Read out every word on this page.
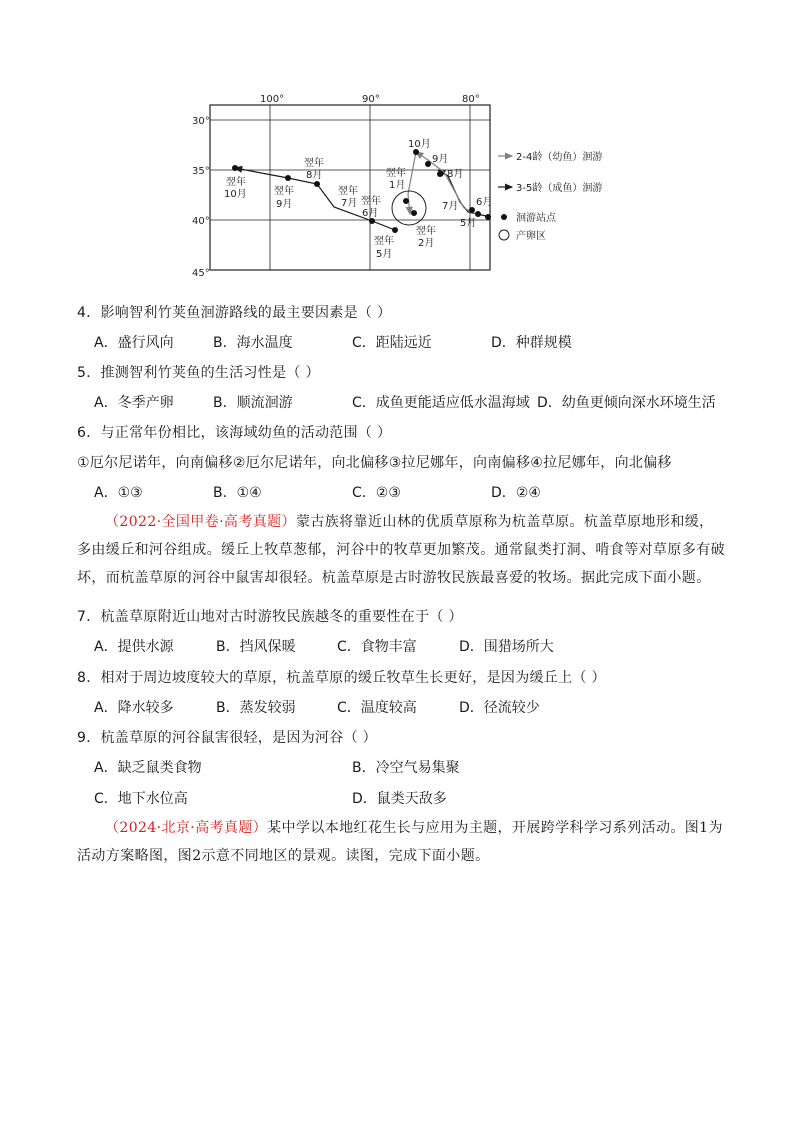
100°	90°	80°
30°
35°
40°
45°
翌年
10月	翌年
9月
翌年
8月
翌年
7月 翌年
6月
翌年
5月
翌年
2月
翌年
1月
10月
9月
8月
7月 6月
5月
2-4龄（幼鱼）洄游
3-5龄（成鱼）洄游
洄游站点
产卵区
4．影响智利竹荚鱼洄游路线的最主要因素是（ ）
A．盛行风向	B．海水温度	C．距陆远近	D．种群规模
5．推测智利竹荚鱼的生活习性是（ ）
A．冬季产卵	B．顺流洄游	C．成鱼更能适应低水温海域 D．幼鱼更倾向深水环境生活
6．与正常年份相比，该海域幼鱼的活动范围（ ）
①厄尔尼诺年，向南偏移②厄尔尼诺年，向北偏移③拉尼娜年，向南偏移④拉尼娜年，向北偏移
A．①③	B．①④	C．②③	D．②④
（2022·全国甲卷·高考真题）蒙古族将靠近山林的优质草原称为杭盖草原。杭盖草原地形和缓，多由缓丘和河谷组成。缓丘上牧草葱郁，河谷中的牧草更加繁茂。通常鼠类打洞、啃食等对草原多有破坏，而杭盖草原的河谷中鼠害却很轻。杭盖草原是古时游牧民族最喜爱的牧场。据此完成下面小题。
7．杭盖草原附近山地对古时游牧民族越冬的重要性在于（ ）
A．提供水源	B．挡风保暖	C．食物丰富	D．围猎场所大
8．相对于周边坡度较大的草原，杭盖草原的缓丘牧草生长更好，是因为缓丘上（ ）
A．降水较多	B．蒸发较弱	C．温度较高	D．径流较少
9．杭盖草原的河谷鼠害很轻，是因为河谷（ ）
A．缺乏鼠类食物	B．冷空气易集聚
C．地下水位高	D．鼠类天敌多
（2024·北京·高考真题）某中学以本地红花生长与应用为主题，开展跨学科学习系列活动。图1为活动方案略图，图2示意不同地区的景观。读图，完成下面小题。
